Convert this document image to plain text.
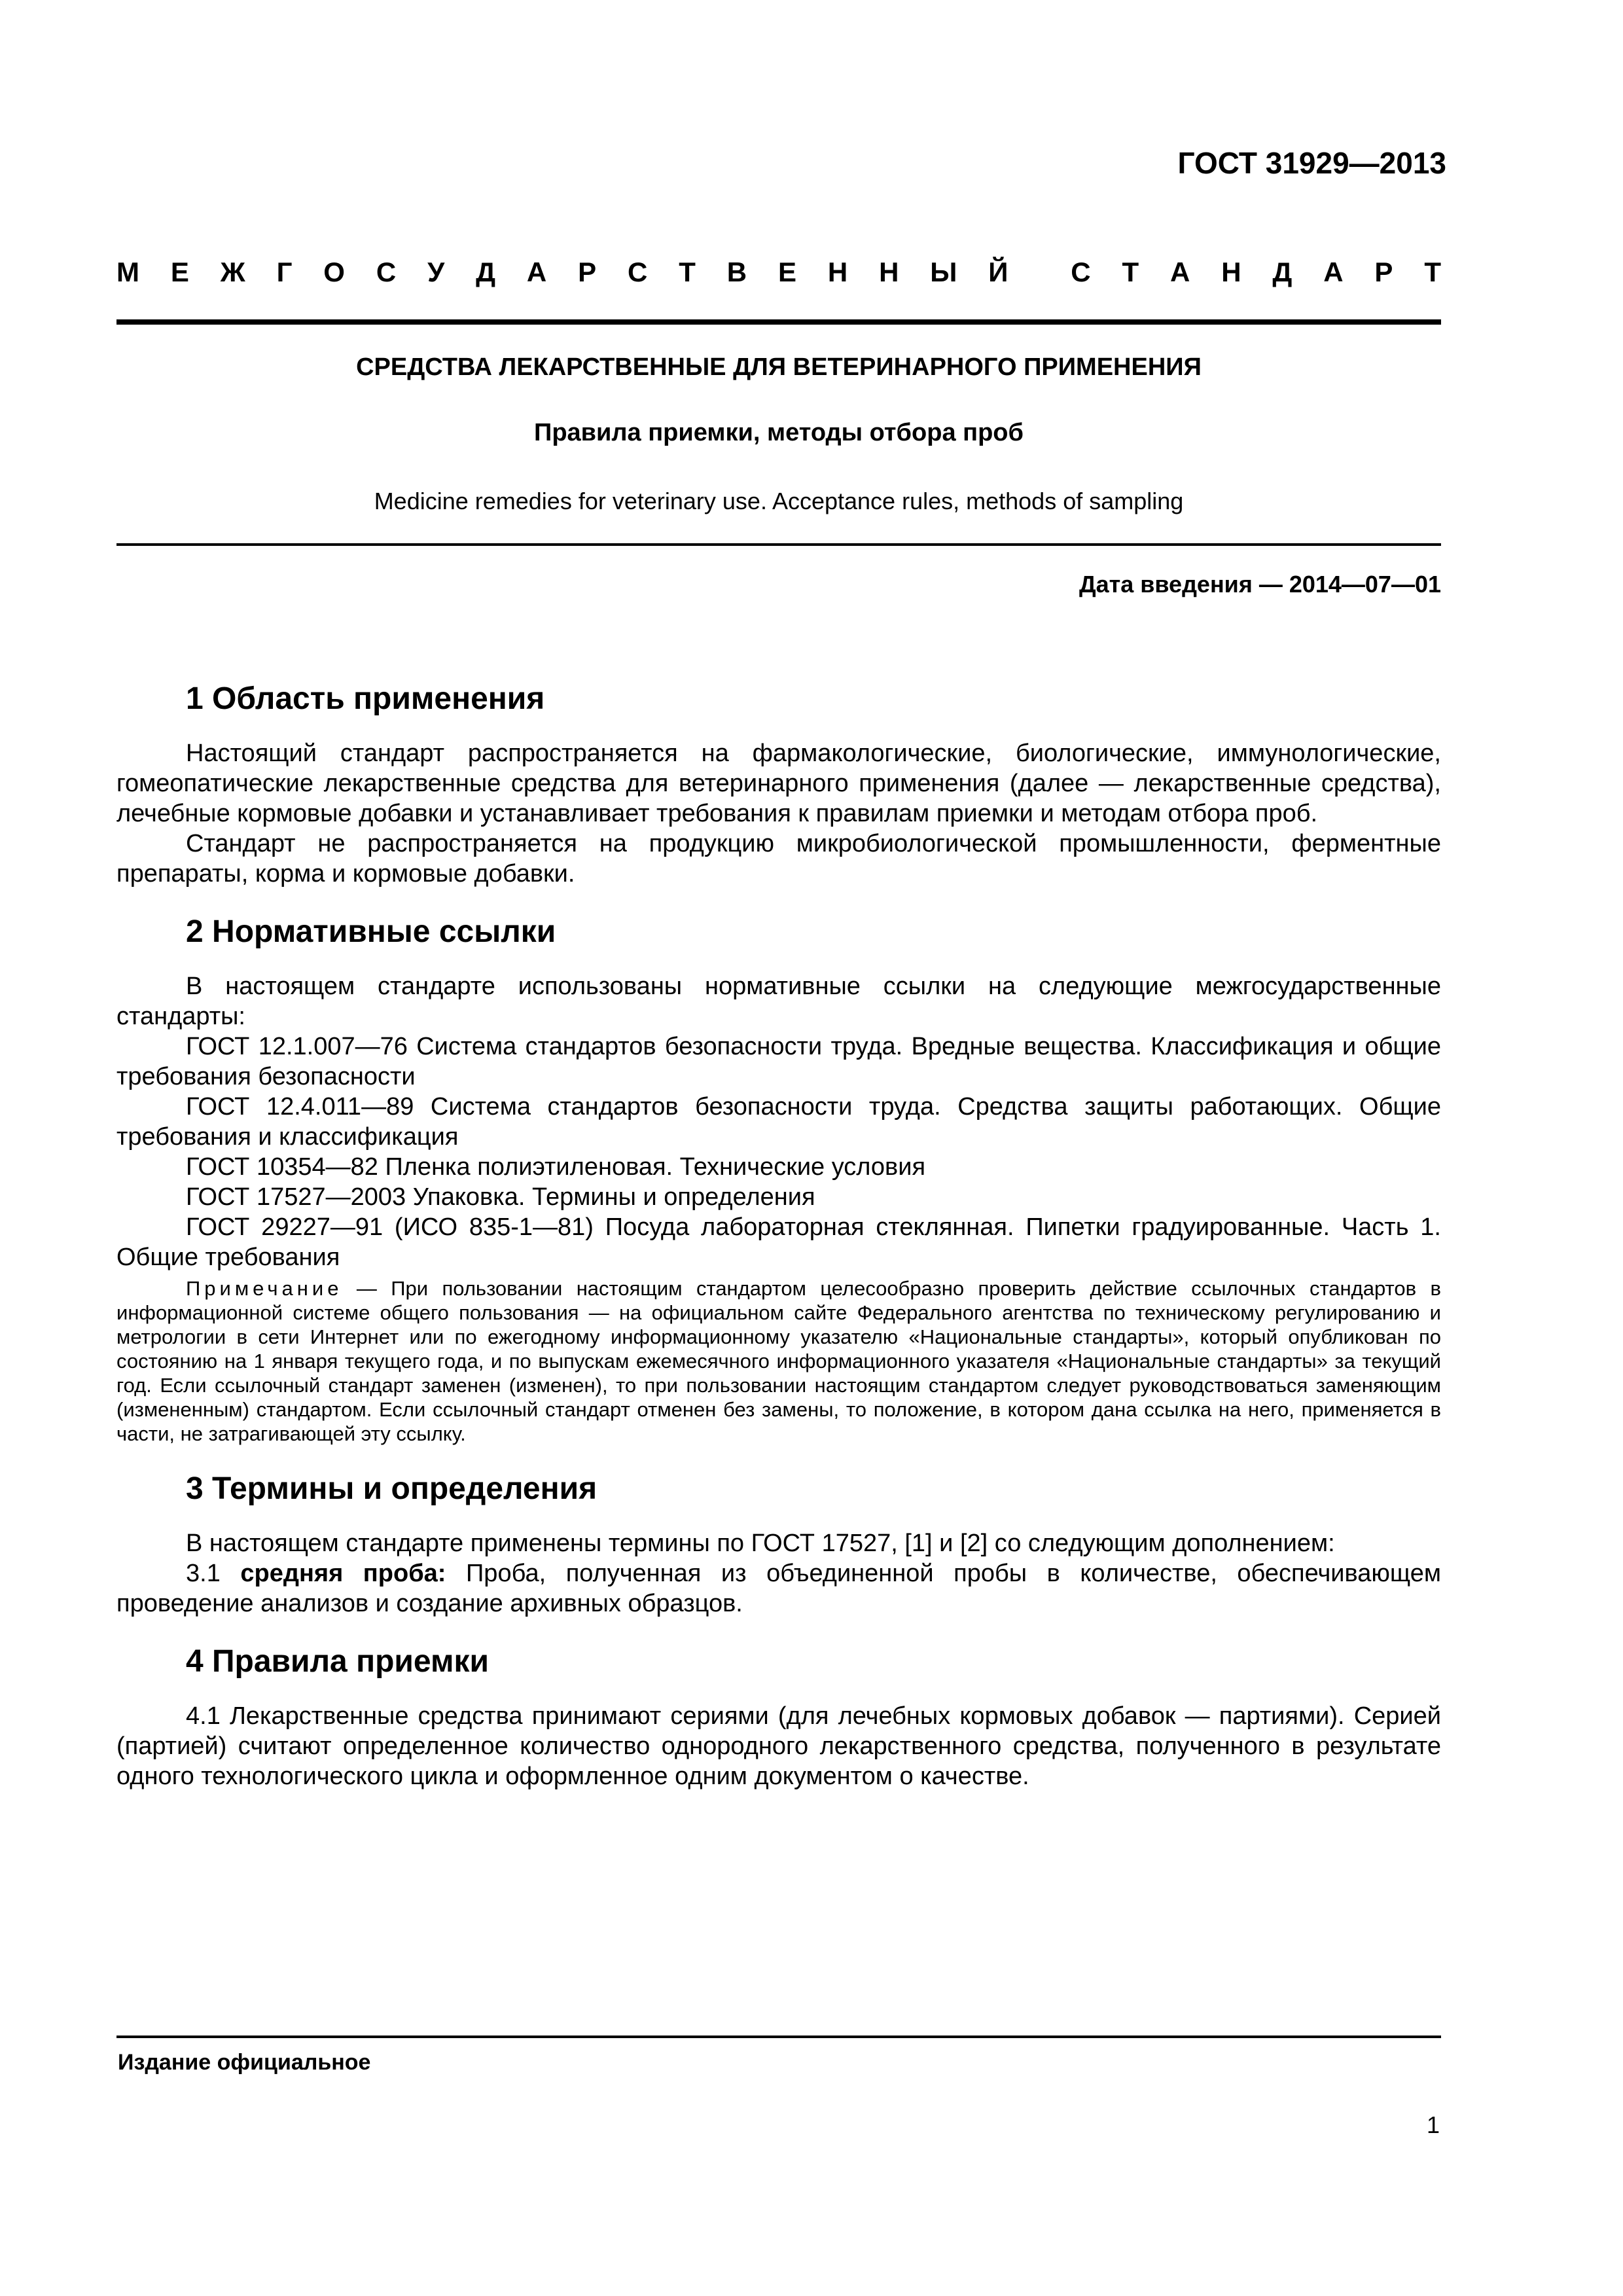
ГОСТ 31929—2013
М Е Ж Г О С У Д А Р С Т В Е Н Н Ы Й С Т А Н Д А Р Т
СРЕДСТВА ЛЕКАРСТВЕННЫЕ ДЛЯ ВЕТЕРИНАРНОГО ПРИМЕНЕНИЯ
Правила приемки, методы отбора проб
Medicine remedies for veterinary use. Acceptance rules, methods of sampling
Дата введения — 2014—07—01
1 Область применения

Настоящий стандарт распространяется на фармакологические, биологические, иммунологические, гомеопатические лекарственные средства для ветеринарного применения (далее — лекарственные средства), лечебные кормовые добавки и устанавливает требования к правилам приемки и методам отбора проб.

Стандарт не распространяется на продукцию микробиологической промышленности, ферментные препараты, корма и кормовые добавки.

2 Нормативные ссылки

В настоящем стандарте использованы нормативные ссылки на следующие межгосударственные стандарты:

ГОСТ 12.1.007—76 Система стандартов безопасности труда. Вредные вещества. Классификация и общие требования безопасности

ГОСТ 12.4.011—89 Система стандартов безопасности труда. Средства защиты работающих. Общие требования и классификация

ГОСТ 10354—82 Пленка полиэтиленовая. Технические условия

ГОСТ 17527—2003 Упаковка. Термины и определения

ГОСТ 29227—91 (ИСО 835-1—81) Посуда лабораторная стеклянная. Пипетки градуированные. Часть 1. Общие требования

Примечание — При пользовании настоящим стандартом целесообразно проверить действие ссылочных стандартов в информационной системе общего пользования — на официальном сайте Федерального агентства по техническому регулированию и метрологии в сети Интернет или по ежегодному информационному указателю «Национальные стандарты», который опубликован по состоянию на 1 января текущего года, и по выпускам ежемесячного информационного указателя «Национальные стандарты» за текущий год. Если ссылочный стандарт заменен (изменен), то при пользовании настоящим стандартом следует руководствоваться заменяющим (измененным) стандартом. Если ссылочный стандарт отменен без замены, то положение, в котором дана ссылка на него, применяется в части, не затрагивающей эту ссылку.

3 Термины и определения

В настоящем стандарте применены термины по ГОСТ 17527, [1] и [2] со следующим дополнением:

3.1 средняя проба: Проба, полученная из объединенной пробы в количестве, обеспечивающем проведение анализов и создание архивных образцов.

4 Правила приемки

4.1 Лекарственные средства принимают сериями (для лечебных кормовых добавок — партиями). Серией (партией) считают определенное количество однородного лекарственного средства, полученного в результате одного технологического цикла и оформленное одним документом о качестве.

Издание официальное
1
